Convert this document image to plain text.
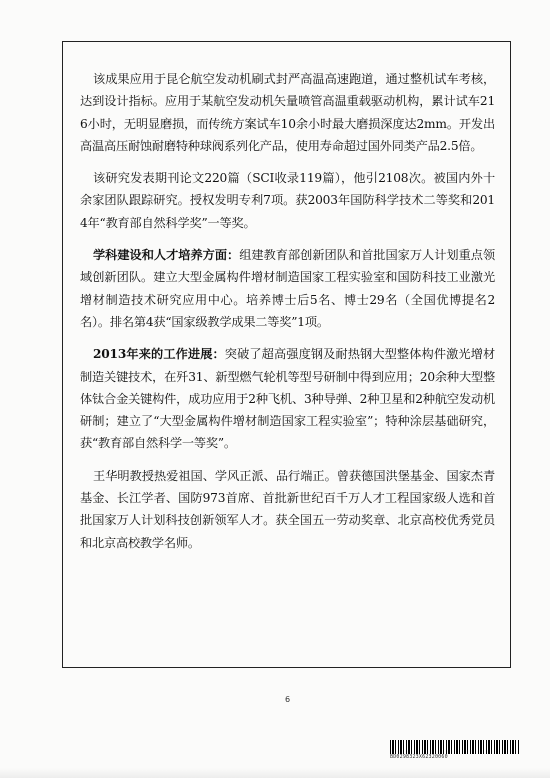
该成果应用于昆仑航空发动机刷式封严高温高速跑道，通过整机试车考核，达到设计指标。应用于某航空发动机矢量喷管高温重载驱动机构，累计试车216小时，无明显磨损，而传统方案试车10余小时最大磨损深度达2mm。开发出高温高压耐蚀耐磨特种球阀系列化产品，使用寿命超过国外同类产品2.5倍。

该研究发表期刊论文220篇（SCI收录119篇），他引2108次。被国内外十余家团队跟踪研究。授权发明专利7项。获2003年国防科学技术二等奖和2014年“教育部自然科学奖”一等奖。

学科建设和人才培养方面：组建教育部创新团队和首批国家万人计划重点领域创新团队。建立大型金属构件增材制造国家工程实验室和国防科技工业激光增材制造技术研究应用中心。培养博士后5名、博士29名（全国优博提名2名）。排名第4获“国家级教学成果二等奖”1项。

2013年来的工作进展：突破了超高强度钢及耐热钢大型整体构件激光增材制造关键技术，在歼31、新型燃气轮机等型号研制中得到应用；20余种大型整体钛合金关键构件，成功应用于2种飞机、3种导弹、2种卫星和2种航空发动机研制；建立了“大型金属构件增材制造国家工程实验室”；特种涂层基础研究，获“教育部自然科学一等奖”。

王华明教授热爱祖国、学风正派、品行端正。曾获德国洪堡基金、国家杰青基金、长江学者、国防973首席、首批新世纪百千万人才工程国家级人选和首批国家万人计划科技创新领军人才。获全国五一劳动奖章、北京高校优秀党员和北京高校教学名师。

6
BD0298323X62320060
